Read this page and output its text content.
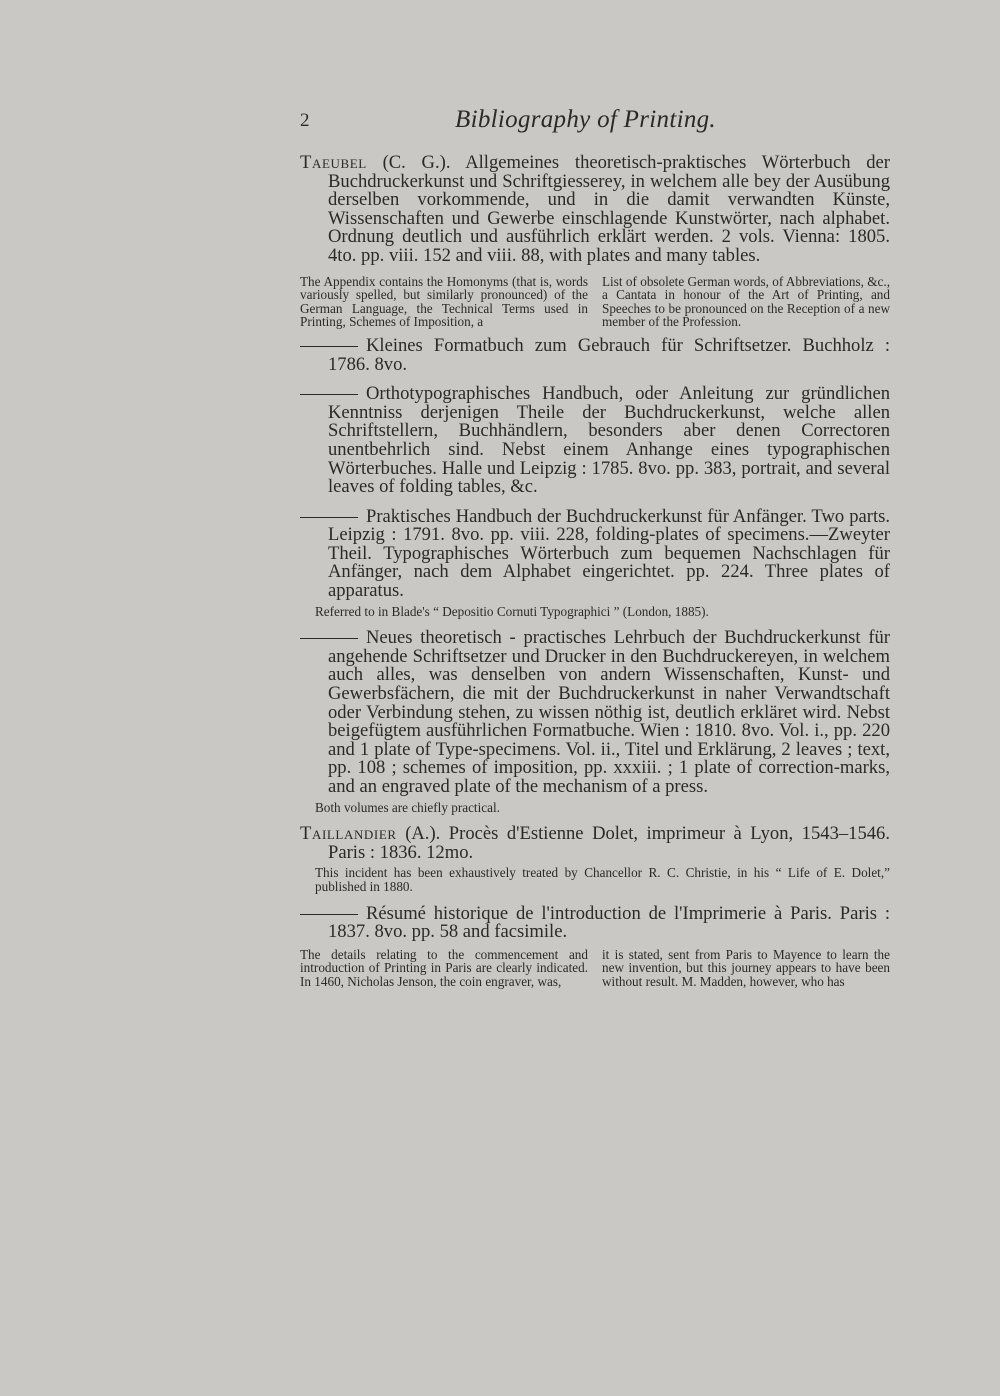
2	Bibliography of Printing.

Taeubel (C. G.). Allgemeines theoretisch-praktisches Wörterbuch der Buchdruckerkunst und Schriftgiesserey, in welchem alle bey der Ausübung derselben vorkommende, und in die damit verwandten Künste, Wissenschaften und Gewerbe einschlagende Kunstwörter, nach alphabet. Ordnung deutlich und ausführlich erklärt werden. 2 vols. Vienna: 1805. 4to. pp. viii. 152 and viii. 88, with plates and many tables.

The Appendix contains the Homonyms (that is, words variously spelled, but similarly pronounced) of the German Language, the Technical Terms used in Printing, Schemes of Imposition, a
List of obsolete German words, of Abbreviations, &c., a Cantata in honour of the Art of Printing, and Speeches to be pronounced on the Reception of a new member of the Profession.

Kleines Formatbuch zum Gebrauch für Schriftsetzer. Buchholz : 1786. 8vo.

Orthotypographisches Handbuch, oder Anleitung zur gründlichen Kenntniss derjenigen Theile der Buchdruckerkunst, welche allen Schriftstellern, Buchhändlern, besonders aber denen Correctoren unentbehrlich sind. Nebst einem Anhange eines typographischen Wörterbuches. Halle und Leipzig : 1785. 8vo. pp. 383, portrait, and several leaves of folding tables, &c.

Praktisches Handbuch der Buchdruckerkunst für Anfänger. Two parts. Leipzig : 1791. 8vo. pp. viii. 228, folding-plates of specimens.—Zweyter Theil. Typographisches Wörterbuch zum bequemen Nachschlagen für Anfänger, nach dem Alphabet eingerichtet. pp. 224. Three plates of apparatus.

Referred to in Blade's “ Depositio Cornuti Typographici ” (London, 1885).

Neues theoretisch - practisches Lehrbuch der Buchdruckerkunst für angehende Schriftsetzer und Drucker in den Buchdruckereyen, in welchem auch alles, was denselben von andern Wissenschaften, Kunst- und Gewerbsfächern, die mit der Buchdruckerkunst in naher Verwandtschaft oder Verbindung stehen, zu wissen nöthig ist, deutlich erkläret wird. Nebst beigefügtem ausführlichen Formatbuche. Wien : 1810. 8vo. Vol. i., pp. 220 and 1 plate of Type-specimens. Vol. ii., Titel und Erklärung, 2 leaves ; text, pp. 108 ; schemes of imposition, pp. xxxiii. ; 1 plate of correction-marks, and an engraved plate of the mechanism of a press.

Both volumes are chiefly practical.

Taillandier (A.). Procès d'Estienne Dolet, imprimeur à Lyon, 1543–1546. Paris : 1836. 12mo.

This incident has been exhaustively treated by Chancellor R. C. Christie, in his “ Life of E. Dolet,” published in 1880.

Résumé historique de l'introduction de l'Imprimerie à Paris. Paris : 1837. 8vo. pp. 58 and facsimile.

The details relating to the commencement and introduction of Printing in Paris are clearly indicated. In 1460, Nicholas Jenson, the coin engraver, was,
it is stated, sent from Paris to Mayence to learn the new invention, but this journey appears to have been without result. M. Madden, however, who has
